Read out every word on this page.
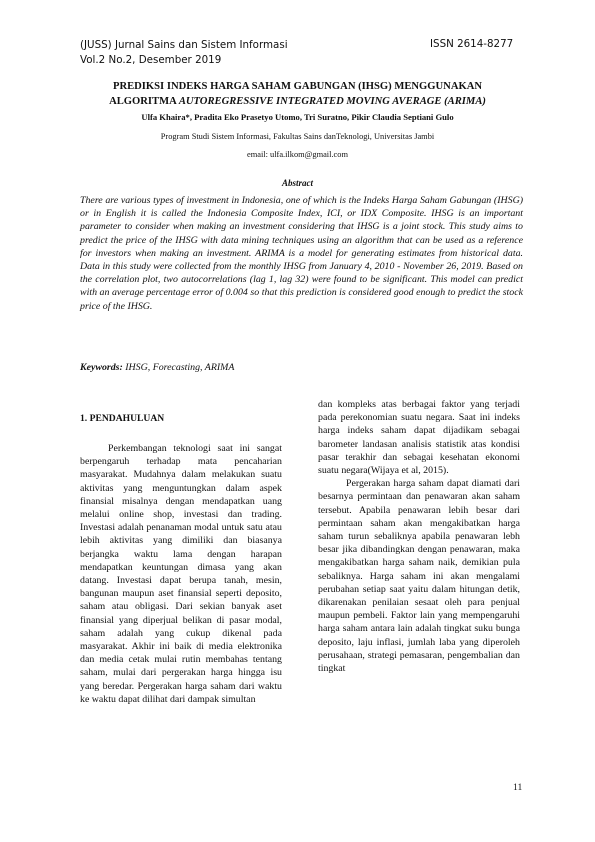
(JUSS) Jurnal Sains dan Sistem Informasi
Vol.2 No.2, Desember 2019
ISSN 2614-8277
PREDIKSI INDEKS HARGA SAHAM GABUNGAN (IHSG) MENGGUNAKAN
ALGORITMA AUTOREGRESSIVE INTEGRATED MOVING AVERAGE (ARIMA)
Ulfa Khaira*, Pradita Eko Prasetyo Utomo, Tri Suratno, Pikir Claudia Septiani Gulo
Program Studi Sistem Informasi, Fakultas Sains danTeknologi, Universitas Jambi
email: ulfa.ilkom@gmail.com
Abstract
There are various types of investment in Indonesia, one of which is the Indeks Harga Saham Gabungan (IHSG) or in English it is called the Indonesia Composite Index, ICI, or IDX Composite. IHSG is an important parameter to consider when making an investment considering that IHSG is a joint stock. This study aims to predict the price of the IHSG with data mining techniques using an algorithm that can be used as a reference for investors when making an investment. ARIMA is a model for generating estimates from historical data. Data in this study were collected from the monthly IHSG from January 4, 2010 - November 26, 2019. Based on the correlation plot, two autocorrelations (lag 1, lag 32) were found to be significant. This model can predict with an average percentage error of 0.004 so that this prediction is considered good enough to predict the stock price of the IHSG.
Keywords: IHSG, Forecasting, ARIMA
1. PENDAHULUAN

Perkembangan teknologi saat ini sangat berpengaruh terhadap mata pencaharian masyarakat. Mudahnya dalam melakukan suatu aktivitas yang menguntungkan dalam aspek finansial misalnya dengan mendapatkan uang melalui online shop, investasi dan trading. Investasi adalah penanaman modal untuk satu atau lebih aktivitas yang dimiliki dan biasanya berjangka waktu lama dengan harapan mendapatkan keuntungan dimasa yang akan datang. Investasi dapat berupa tanah, mesin, bangunan maupun aset finansial seperti deposito, saham atau obligasi. Dari sekian banyak aset finansial yang diperjual belikan di pasar modal, saham adalah yang cukup dikenal pada masyarakat. Akhir ini baik di media elektronika dan media cetak mulai rutin membahas tentang saham, mulai dari pergerakan harga hingga isu yang beredar. Pergerakan harga saham dari waktu ke waktu dapat dilihat dari dampak simultan

dan kompleks atas berbagai faktor yang terjadi pada perekonomian suatu negara. Saat ini indeks harga indeks saham dapat dijadikam sebagai barometer landasan analisis statistik atas kondisi pasar terakhir dan sebagai kesehatan ekonomi suatu negara(Wijaya et al, 2015).

Pergerakan harga saham dapat diamati dari besarnya permintaan dan penawaran akan saham tersebut. Apabila penawaran lebih besar dari permintaan saham akan mengakibatkan harga saham turun sebaliknya apabila penawaran lebh besar jika dibandingkan dengan penawaran, maka mengakibatkan harga saham naik, demikian pula sebaliknya. Harga saham ini akan mengalami perubahan setiap saat yaitu dalam hitungan detik, dikarenakan penilaian sesaat oleh para penjual maupun pembeli. Faktor lain yang mempengaruhi harga saham antara lain adalah tingkat suku bunga deposito, laju inflasi, jumlah laba yang diperoleh perusahaan, strategi pemasaran, pengembalian dan tingkat

11
